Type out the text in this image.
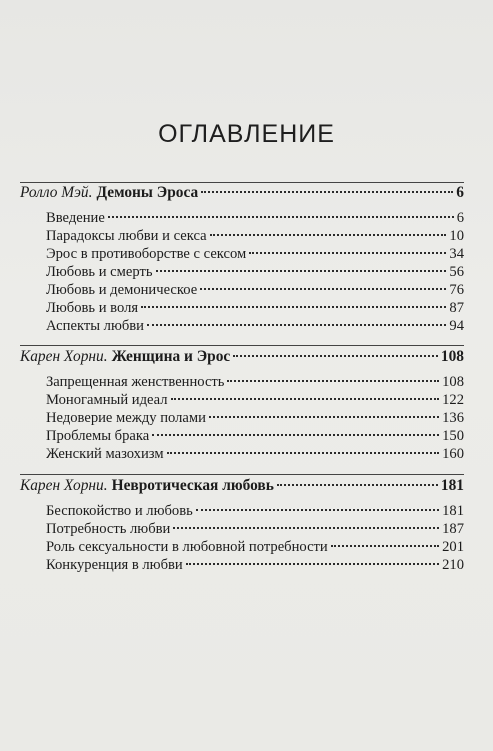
ОГЛАВЛЕНИЕ
Ролло Мэй. Демоны Эроса	6
Введение	6
Парадоксы любви и секса	10
Эрос в противоборстве с сексом	34
Любовь и смерть	56
Любовь и демоническое	76
Любовь и воля	87
Аспекты любви	94
Карен Хорни. Женщина и Эрос	108
Запрещенная женственность	108
Моногамный идеал	122
Недоверие между полами	136
Проблемы брака	150
Женский мазохизм	160
Карен Хорни. Невротическая любовь	181
Беспокойство и любовь	181
Потребность любви	187
Роль сексуальности в любовной потребности	201
Конкуренция в любви	210
